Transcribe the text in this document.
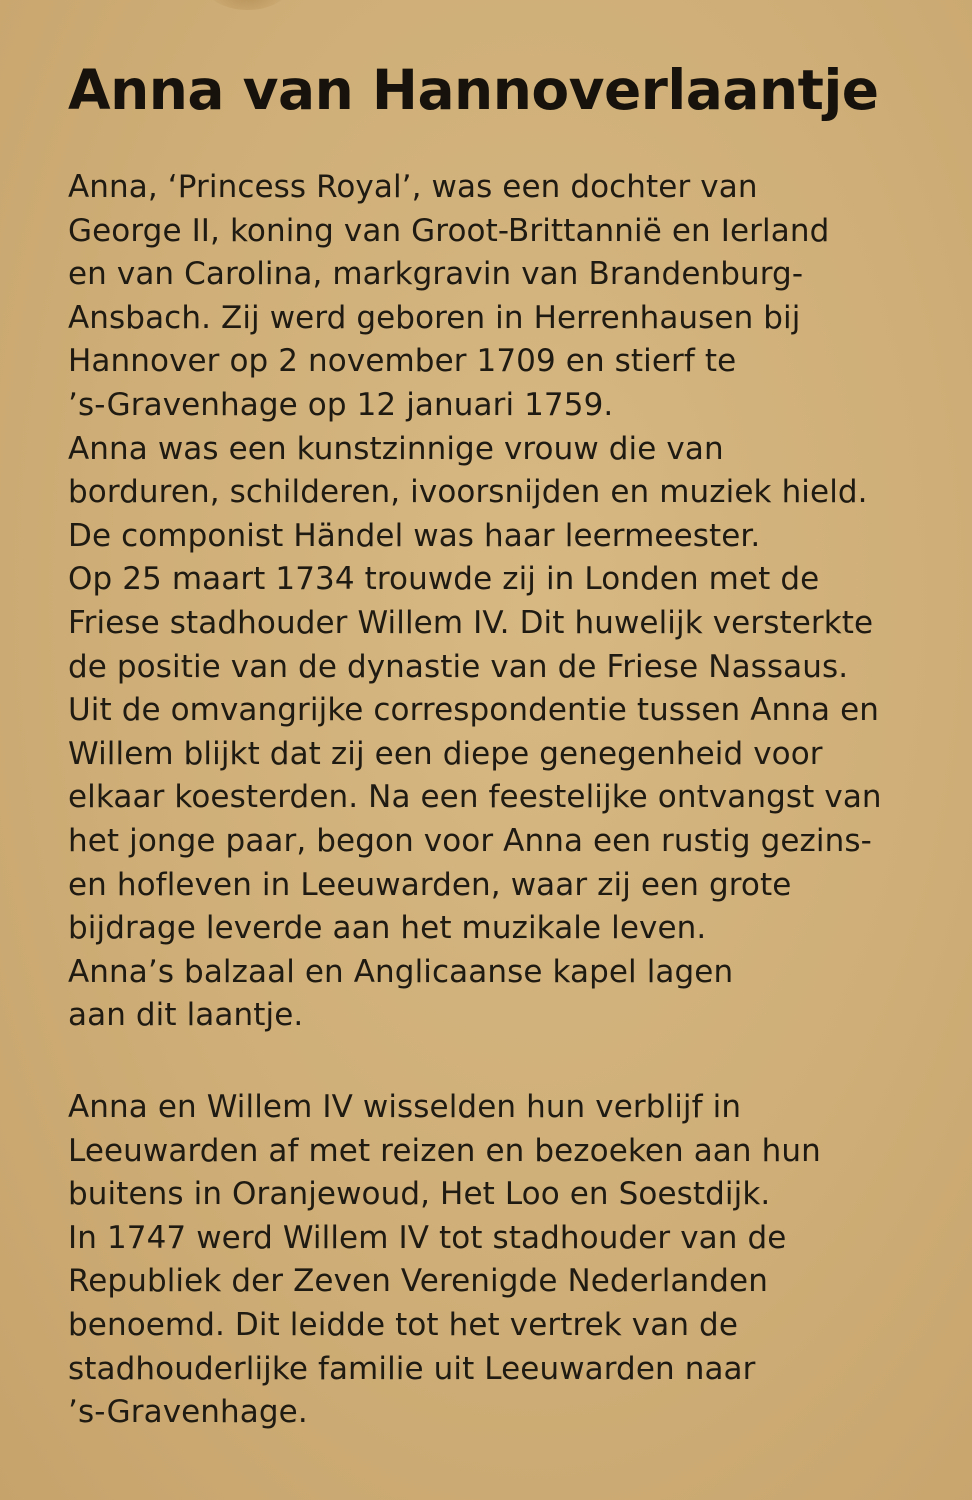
Anna van Hannoverlaantje
Anna, ‘Princess Royal’, was een dochter van
George II, koning van Groot-Brittannië en Ierland
en van Carolina, markgravin van Brandenburg-
Ansbach. Zij werd geboren in Herrenhausen bij
Hannover op 2 november 1709 en stierf te
’s-Gravenhage op 12 januari 1759.
Anna was een kunstzinnige vrouw die van
borduren, schilderen, ivoorsnijden en muziek hield.
De componist Händel was haar leermeester.
Op 25 maart 1734 trouwde zij in Londen met de
Friese stadhouder Willem IV. Dit huwelijk versterkte
de positie van de dynastie van de Friese Nassaus.
Uit de omvangrijke correspondentie tussen Anna en
Willem blijkt dat zij een diepe genegenheid voor
elkaar koesterden. Na een feestelijke ontvangst van
het jonge paar, begon voor Anna een rustig gezins-
en hofleven in Leeuwarden, waar zij een grote
bijdrage leverde aan het muzikale leven.
Anna’s balzaal en Anglicaanse kapel lagen
aan dit laantje.
Anna en Willem IV wisselden hun verblijf in
Leeuwarden af met reizen en bezoeken aan hun
buitens in Oranjewoud, Het Loo en Soestdijk.
In 1747 werd Willem IV tot stadhouder van de
Republiek der Zeven Verenigde Nederlanden
benoemd. Dit leidde tot het vertrek van de
stadhouderlijke familie uit Leeuwarden naar
’s-Gravenhage.
